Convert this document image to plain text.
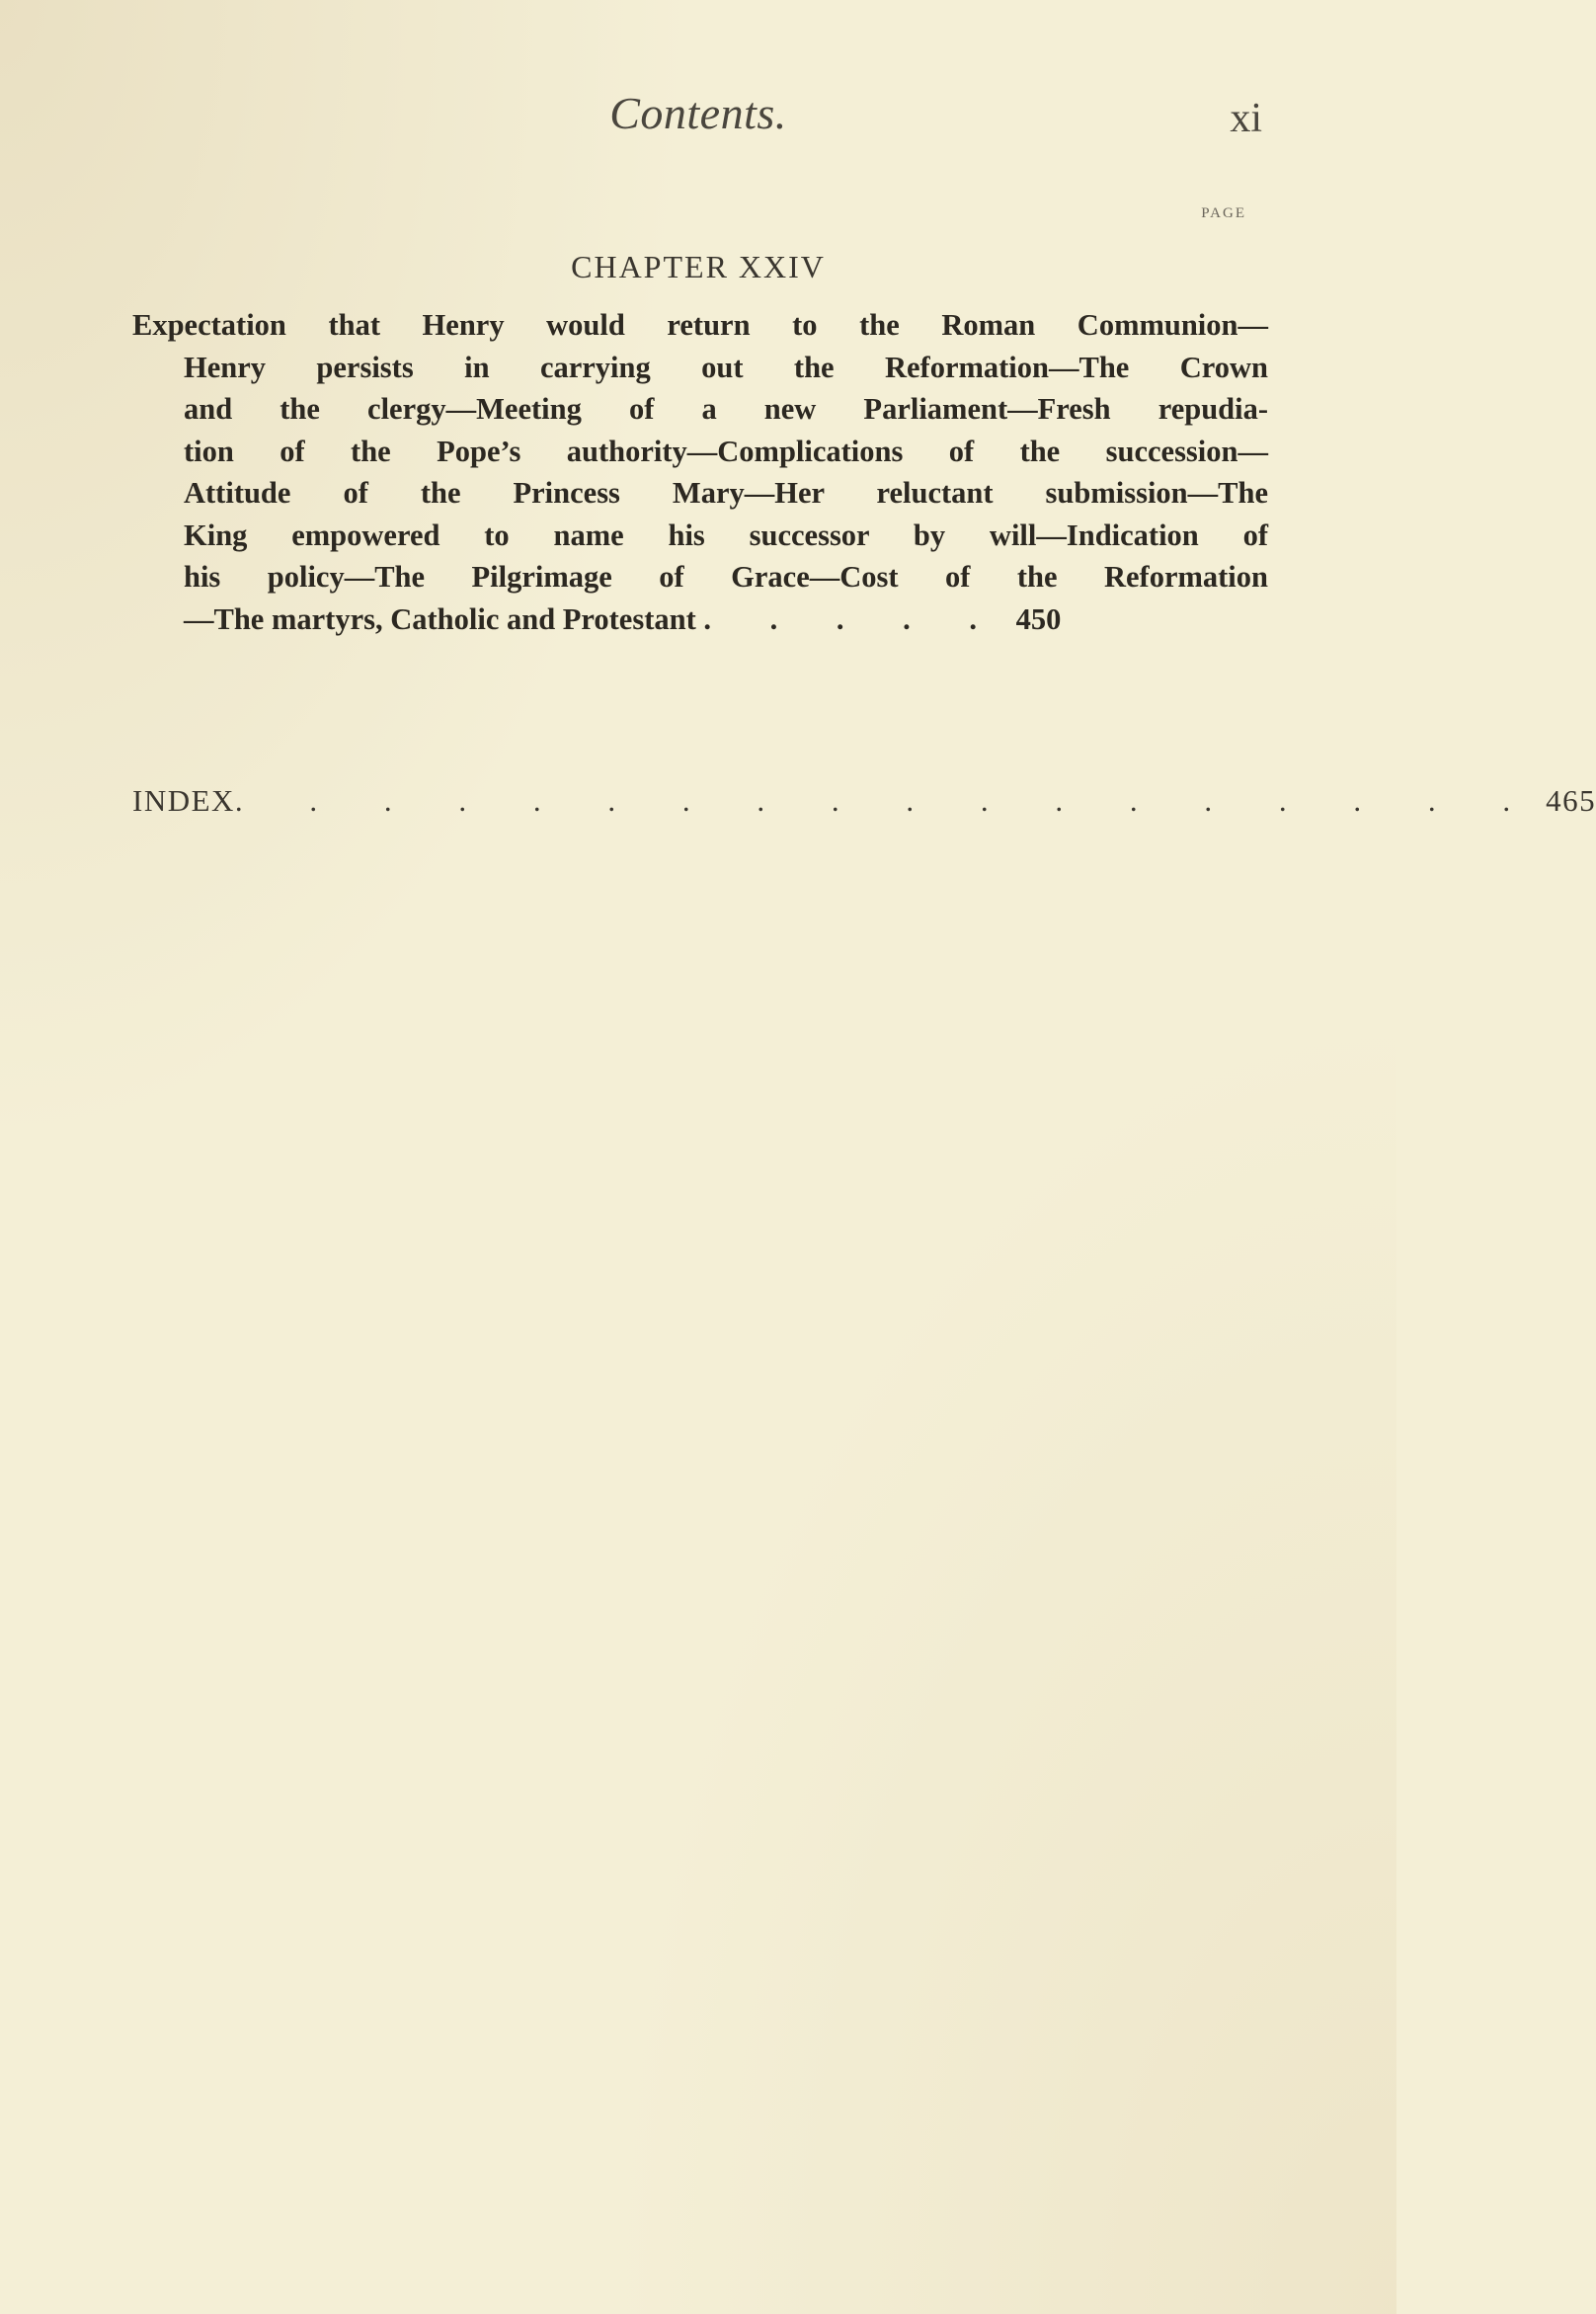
Contents.	xi
PAGE
CHAPTER XXIV
Expectation that Henry would return to the Roman Communion—
Henry persists in carrying out the Reformation—The Crown
and the clergy—Meeting of a new Parliament—Fresh repudia-
tion of the Pope’s authority—Complications of the succession—
Attitude of the Princess Mary—Her reluctant submission—The
King empowered to name his successor by will—Indication of
his policy—The Pilgrimage of Grace—Cost of the Reformation
—The martyrs, Catholic and Protestant . . . . . 450
INDEX . . . . . . . . . . . . . . . . . . 465
